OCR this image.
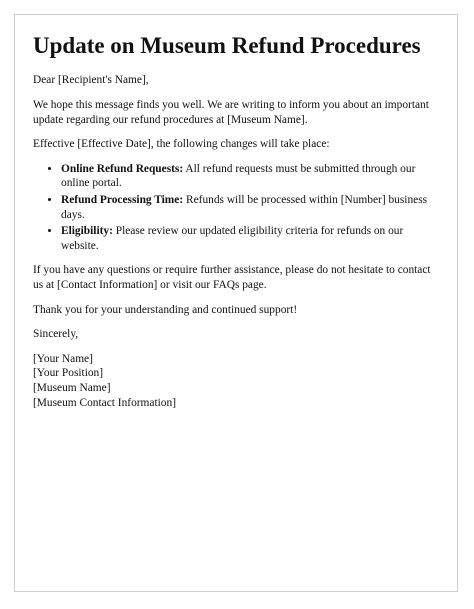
Update on Museum Refund Procedures

Dear [Recipient's Name],

We hope this message finds you well. We are writing to inform you about an important update regarding our refund procedures at [Museum Name].

Effective [Effective Date], the following changes will take place:

• Online Refund Requests: All refund requests must be submitted through our online portal.
• Refund Processing Time: Refunds will be processed within [Number] business days.
• Eligibility: Please review our updated eligibility criteria for refunds on our website.

If you have any questions or require further assistance, please do not hesitate to contact us at [Contact Information] or visit our FAQs page.

Thank you for your understanding and continued support!

Sincerely,

[Your Name]
[Your Position]
[Museum Name]
[Museum Contact Information]
